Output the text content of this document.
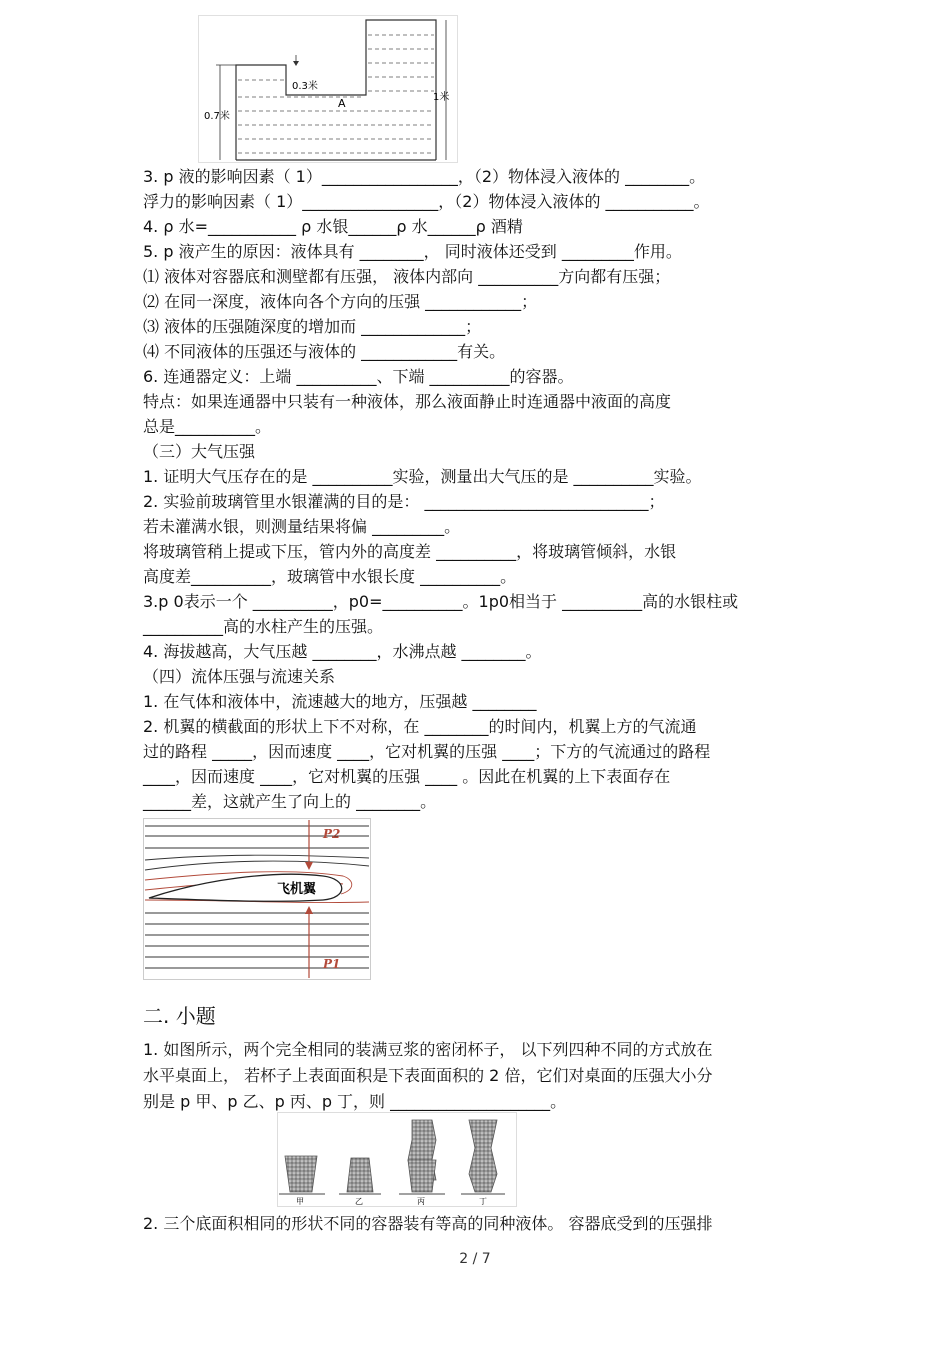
0.3米
A
0.7米
1米
3. p 液的影响因素（ 1）_________________，（2）物体浸入液体的 ________。
浮力的影响因素（ 1）_________________，（2）物体浸入液体的 ___________。
4. ρ 水=___________ ρ 水银______ρ 水______ρ 酒精
5. p 液产生的原因：液体具有 ________， 同时液体还受到 _________作用。
⑴ 液体对容器底和测壁都有压强， 液体内部向 __________方向都有压强；
⑵ 在同一深度，液体向各个方向的压强 ____________；
⑶ 液体的压强随深度的增加而 _____________；
⑷ 不同液体的压强还与液体的 ____________有关。
6. 连通器定义：上端 __________、下端 __________的容器。
特点：如果连通器中只装有一种液体，那么液面静止时连通器中液面的高度
总是__________。
（三）大气压强
1. 证明大气压存在的是 __________实验，测量出大气压的是 __________实验。
2. 实验前玻璃管里水银灌满的目的是： ____________________________；
若未灌满水银，则测量结果将偏 _________。
将玻璃管稍上提或下压，管内外的高度差 __________，将玻璃管倾斜，水银
高度差__________，玻璃管中水银长度 __________。
3.p 0表示一个 __________，p0=__________。1p0相当于 __________高的水银柱或
__________高的水柱产生的压强。
4. 海拔越高，大气压越 ________，水沸点越 ________。
（四）流体压强与流速关系
1. 在气体和液体中，流速越大的地方，压强越 ________
2. 机翼的横截面的形状上下不对称，在 ________的时间内，机翼上方的气流通
过的路程 _____，因而速度 ____，它对机翼的压强 ____；下方的气流通过的路程
____，因而速度 ____，它对机翼的压强 ____ 。因此在机翼的上下表面存在
______差，这就产生了向上的 ________。
飞机翼
P2
P1
二. 小题
1. 如图所示，两个完全相同的装满豆浆的密闭杯子， 以下列四种不同的方式放在
水平桌面上， 若杯子上表面面积是下表面面积的 2 倍，它们对桌面的压强大小分
别是 p 甲、p 乙、p 丙、p 丁，则 ____________________。
甲	乙	丙	丁
2. 三个底面积相同的形状不同的容器装有等高的同种液体。 容器底受到的压强排
2 / 7
